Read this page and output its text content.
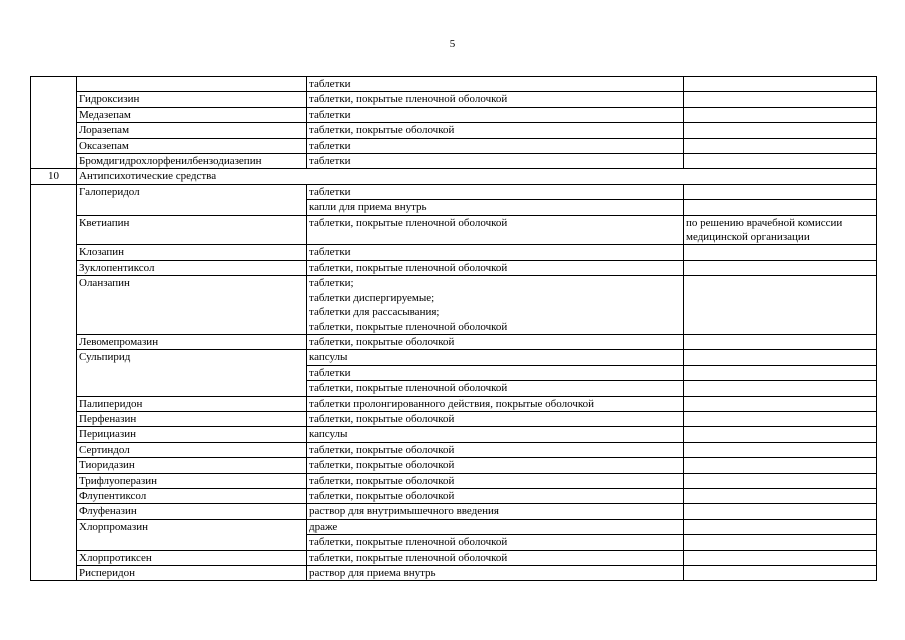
5
		таблетки	
	Гидроксизин	таблетки, покрытые пленочной оболочкой	
	Медазепам	таблетки	
	Лоразепам	таблетки, покрытые оболочкой	
	Оксазепам	таблетки	
	Бромдигидрохлорфенилбензодиазепин	таблетки	
10	Антипсихотические средства		
	Галоперидол	таблетки	
		капли для приема внутрь	
	Кветиапин	таблетки, покрытые пленочной оболочкой	по решению врачебной комиссии медицинской организации
	Клозапин	таблетки	
	Зуклопентиксол	таблетки, покрытые пленочной оболочкой	
	Оланзапин	таблетки;
таблетки диспергируемые;
таблетки для рассасывания;
таблетки, покрытые пленочной оболочкой	
	Левомепромазин	таблетки, покрытые оболочкой	
	Сульпирид	капсулы	
		таблетки	
		таблетки, покрытые пленочной оболочкой	
	Палиперидон	таблетки пролонгированного действия, покрытые оболочкой	
	Перфеназин	таблетки, покрытые оболочкой	
	Перициазин	капсулы	
	Сертиндол	таблетки, покрытые оболочкой	
	Тиоридазин	таблетки, покрытые оболочкой	
	Трифлуоперазин	таблетки, покрытые оболочкой	
	Флупентиксол	таблетки, покрытые оболочкой	
	Флуфеназин	раствор для внутримышечного введения	
	Хлорпромазин	драже	
		таблетки, покрытые пленочной оболочкой	
	Хлорпротиксен	таблетки, покрытые пленочной оболочкой	
	Рисперидон	раствор для приема внутрь	
